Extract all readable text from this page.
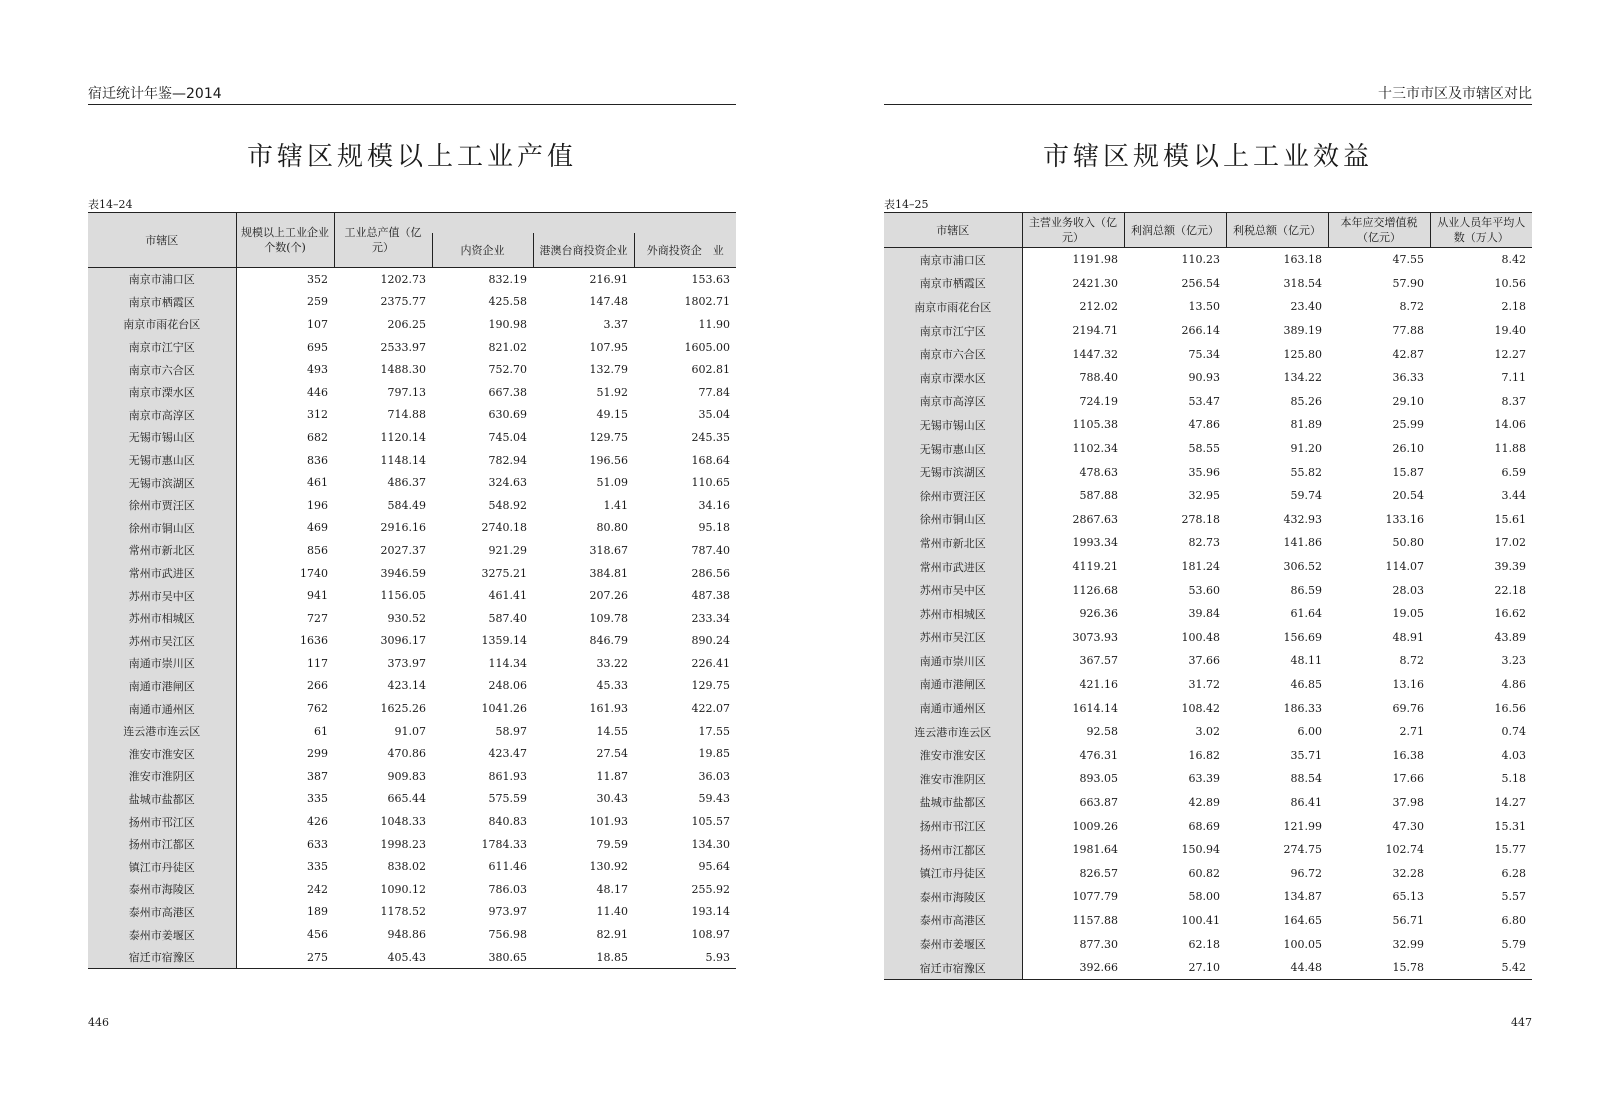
宿迁统计年鉴—2014
市辖区规模以上工业产值
表14–24
市辖区	规模以上工业企业个数(个)	工业总产值（亿元）			
			内资企业	港澳台商投资企业	外商投资企　业
南京市浦口区	352	1202.73	832.19	216.91	153.63
南京市栖霞区	259	2375.77	425.58	147.48	1802.71
南京市雨花台区	107	206.25	190.98	3.37	11.90
南京市江宁区	695	2533.97	821.02	107.95	1605.00
南京市六合区	493	1488.30	752.70	132.79	602.81
南京市溧水区	446	797.13	667.38	51.92	77.84
南京市高淳区	312	714.88	630.69	49.15	35.04
无锡市锡山区	682	1120.14	745.04	129.75	245.35
无锡市惠山区	836	1148.14	782.94	196.56	168.64
无锡市滨湖区	461	486.37	324.63	51.09	110.65
徐州市贾汪区	196	584.49	548.92	1.41	34.16
徐州市铜山区	469	2916.16	2740.18	80.80	95.18
常州市新北区	856	2027.37	921.29	318.67	787.40
常州市武进区	1740	3946.59	3275.21	384.81	286.56
苏州市吴中区	941	1156.05	461.41	207.26	487.38
苏州市相城区	727	930.52	587.40	109.78	233.34
苏州市吴江区	1636	3096.17	1359.14	846.79	890.24
南通市崇川区	117	373.97	114.34	33.22	226.41
南通市港闸区	266	423.14	248.06	45.33	129.75
南通市通州区	762	1625.26	1041.26	161.93	422.07
连云港市连云区	61	91.07	58.97	14.55	17.55
淮安市淮安区	299	470.86	423.47	27.54	19.85
淮安市淮阴区	387	909.83	861.93	11.87	36.03
盐城市盐都区	335	665.44	575.59	30.43	59.43
扬州市邗江区	426	1048.33	840.83	101.93	105.57
扬州市江都区	633	1998.23	1784.33	79.59	134.30
镇江市丹徒区	335	838.02	611.46	130.92	95.64
泰州市海陵区	242	1090.12	786.03	48.17	255.92
泰州市高港区	189	1178.52	973.97	11.40	193.14
泰州市姜堰区	456	948.86	756.98	82.91	108.97
宿迁市宿豫区	275	405.43	380.65	18.85	5.93
446
十三市市区及市辖区对比
市辖区规模以上工业效益
表14–25
市辖区	主营业务收入（亿元）	利润总额（亿元）	利税总额（亿元）	本年应交增值税（亿元）	从业人员年平均人数（万人）
南京市浦口区	1191.98	110.23	163.18	47.55	8.42
南京市栖霞区	2421.30	256.54	318.54	57.90	10.56
南京市雨花台区	212.02	13.50	23.40	8.72	2.18
南京市江宁区	2194.71	266.14	389.19	77.88	19.40
南京市六合区	1447.32	75.34	125.80	42.87	12.27
南京市溧水区	788.40	90.93	134.22	36.33	7.11
南京市高淳区	724.19	53.47	85.26	29.10	8.37
无锡市锡山区	1105.38	47.86	81.89	25.99	14.06
无锡市惠山区	1102.34	58.55	91.20	26.10	11.88
无锡市滨湖区	478.63	35.96	55.82	15.87	6.59
徐州市贾汪区	587.88	32.95	59.74	20.54	3.44
徐州市铜山区	2867.63	278.18	432.93	133.16	15.61
常州市新北区	1993.34	82.73	141.86	50.80	17.02
常州市武进区	4119.21	181.24	306.52	114.07	39.39
苏州市吴中区	1126.68	53.60	86.59	28.03	22.18
苏州市相城区	926.36	39.84	61.64	19.05	16.62
苏州市吴江区	3073.93	100.48	156.69	48.91	43.89
南通市崇川区	367.57	37.66	48.11	8.72	3.23
南通市港闸区	421.16	31.72	46.85	13.16	4.86
南通市通州区	1614.14	108.42	186.33	69.76	16.56
连云港市连云区	92.58	3.02	6.00	2.71	0.74
淮安市淮安区	476.31	16.82	35.71	16.38	4.03
淮安市淮阴区	893.05	63.39	88.54	17.66	5.18
盐城市盐都区	663.87	42.89	86.41	37.98	14.27
扬州市邗江区	1009.26	68.69	121.99	47.30	15.31
扬州市江都区	1981.64	150.94	274.75	102.74	15.77
镇江市丹徒区	826.57	60.82	96.72	32.28	6.28
泰州市海陵区	1077.79	58.00	134.87	65.13	5.57
泰州市高港区	1157.88	100.41	164.65	56.71	6.80
泰州市姜堰区	877.30	62.18	100.05	32.99	5.79
宿迁市宿豫区	392.66	27.10	44.48	15.78	5.42
447
